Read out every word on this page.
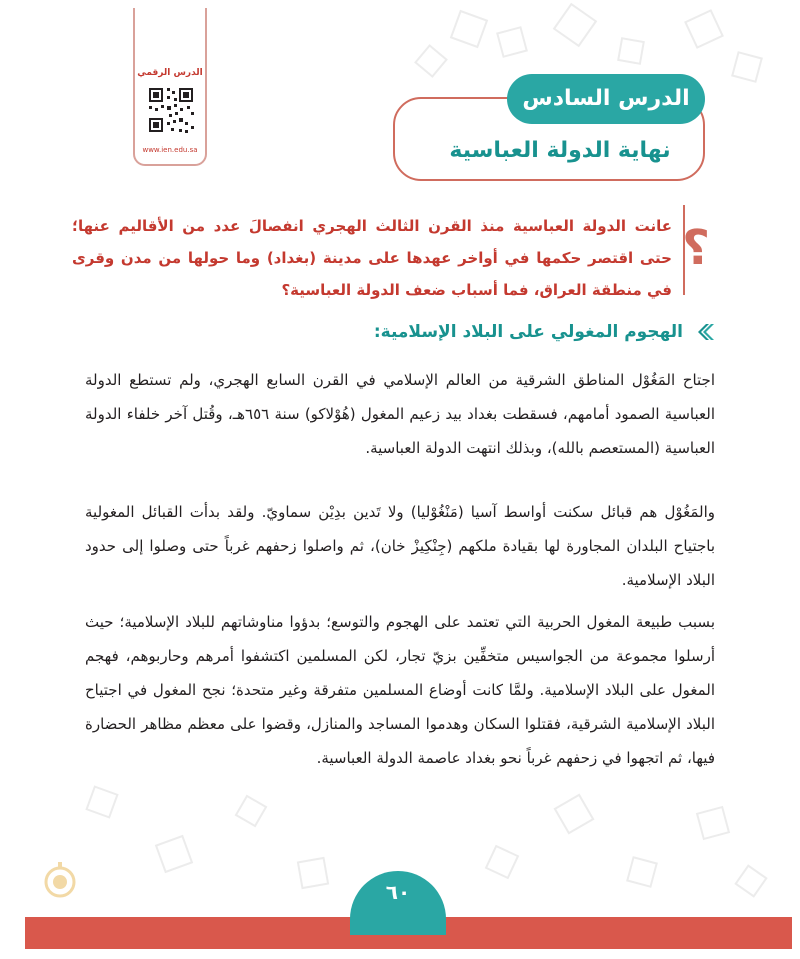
الدرس الرقمي
www.ien.edu.sa
الدرس السادس
نهاية الدولة العباسية
؟
عانت الدولة العباسية منذ القرن الثالث الهجري انفصالَ عدد من الأقاليم عنها؛ حتى اقتصر حكمها في أواخر عهدها على مدينة (بغداد) وما حولها من مدن وقرى في منطقة العراق، فما أسباب ضعف الدولة العباسية؟
الهجوم المغولي على البلاد الإسلامية:
اجتاح المَغُوْل المناطق الشرقية من العالم الإسلامي في القرن السابع الهجري، ولم تستطع الدولة العباسية الصمود أمامهم، فسقطت بغداد بيد زعيم المغول (هُوْلاكو) سنة ٦٥٦هـ، وقُتل آخر خلفاء الدولة العباسية (المستعصم بالله)، وبذلك انتهت الدولة العباسية.
والمَغُوْل هم قبائل سكنت أواسط آسيا (مَنْغُوْليا) ولا تَدين بدِيْن سماويّ. ولقد بدأت القبائل المغولية باجتياح البلدان المجاورة لها بقيادة ملكهم (جِنْكِيزْ خان)، ثم واصلوا زحفهم غرباً حتى وصلوا إلى حدود البلاد الإسلامية.
بسبب طبيعة المغول الحربية التي تعتمد على الهجوم والتوسع؛ بدؤوا مناوشاتهم للبلاد الإسلامية؛ حيث أرسلوا مجموعة من الجواسيس متخفِّين بزيّ تجار، لكن المسلمين اكتشفوا أمرهم وحاربوهم، فهجم المغول على البلاد الإسلامية. ولمَّا كانت أوضاع المسلمين متفرقة وغير متحدة؛ نجح المغول في اجتياح البلاد الإسلامية الشرقية، فقتلوا السكان وهدموا المساجد والمنازل، وقضوا على معظم مظاهر الحضارة فيها، ثم اتجهوا في زحفهم غرباً نحو بغداد عاصمة الدولة العباسية.
٦٠
